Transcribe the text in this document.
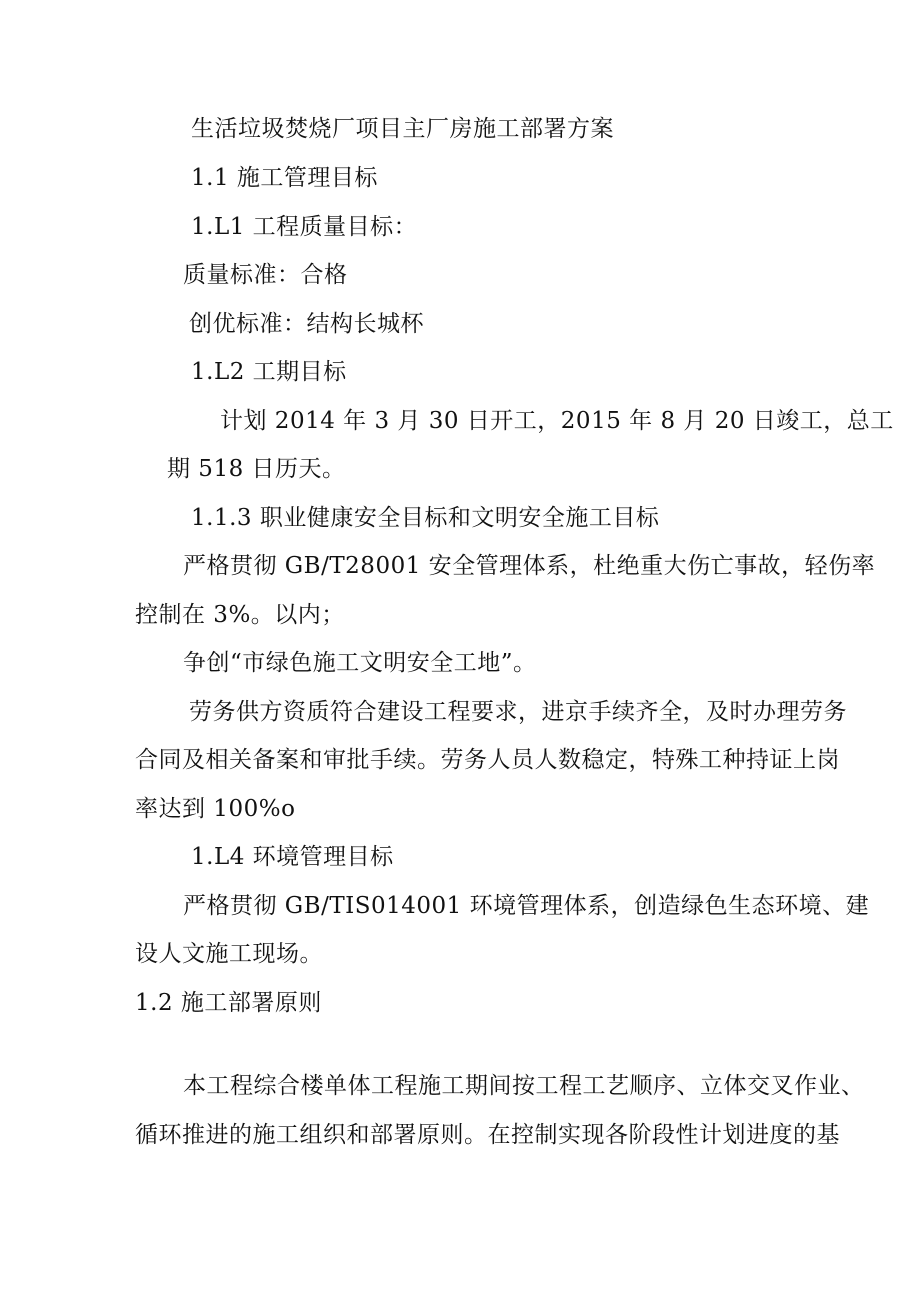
生活垃圾焚烧厂项目主厂房施工部署方案
1.1 施工管理目标
1.L1 工程质量目标：
质量标准：合格
创优标准：结构长城杯
1.L2 工期目标
计划 2014 年 3 月 30 日开工，2015 年 8 月 20 日竣工，总工
期 518 日历天。
1.1.3 职业健康安全目标和文明安全施工目标
严格贯彻 GB/T28001 安全管理体系，杜绝重大伤亡事故，轻伤率
控制在 3%。以内；
争创“市绿色施工文明安全工地”。
劳务供方资质符合建设工程要求，进京手续齐全，及时办理劳务
合同及相关备案和审批手续。劳务人员人数稳定，特殊工种持证上岗
率达到 100%o
1.L4 环境管理目标
严格贯彻 GB/TIS014001 环境管理体系，创造绿色生态环境、建
设人文施工现场。
1.2 施工部署原则
本工程综合楼单体工程施工期间按工程工艺顺序、立体交叉作业、
循环推进的施工组织和部署原则。在控制实现各阶段性计划进度的基
